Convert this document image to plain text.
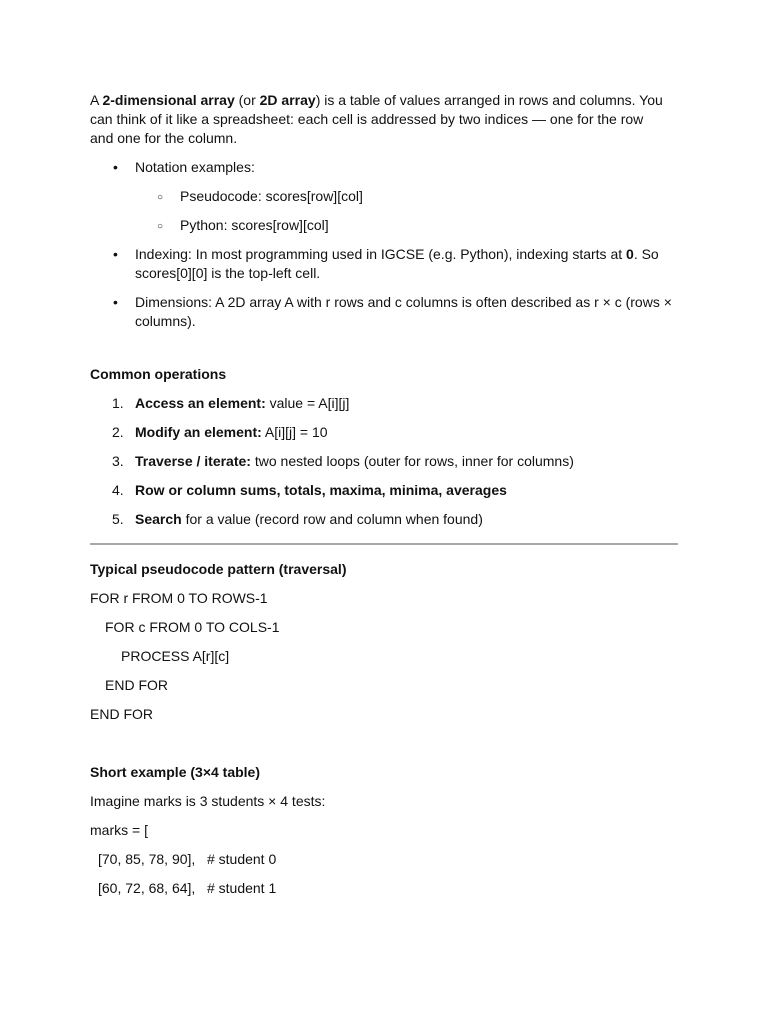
A 2-dimensional array (or 2D array) is a table of values arranged in rows and columns. You can think of it like a spreadsheet: each cell is addressed by two indices — one for the row and one for the column.

• Notation examples:
○ Pseudocode: scores[row][col]
○ Python: scores[row][col]
• Indexing: In most programming used in IGCSE (e.g. Python), indexing starts at 0. So scores[0][0] is the top-left cell.
• Dimensions: A 2D array A with r rows and c columns is often described as r × c (rows × columns).

Common operations

1. Access an element: value = A[i][j]
2. Modify an element: A[i][j] = 10
3. Traverse / iterate: two nested loops (outer for rows, inner for columns)
4. Row or column sums, totals, maxima, minima, averages
5. Search for a value (record row and column when found)

Typical pseudocode pattern (traversal)

FOR r FROM 0 TO ROWS-1

FOR c FROM 0 TO COLS-1

PROCESS A[r][c]

END FOR

END FOR

Short example (3×4 table)

Imagine marks is 3 students × 4 tests:

marks = [

[70, 85, 78, 90],   # student 0

[60, 72, 68, 64],   # student 1
